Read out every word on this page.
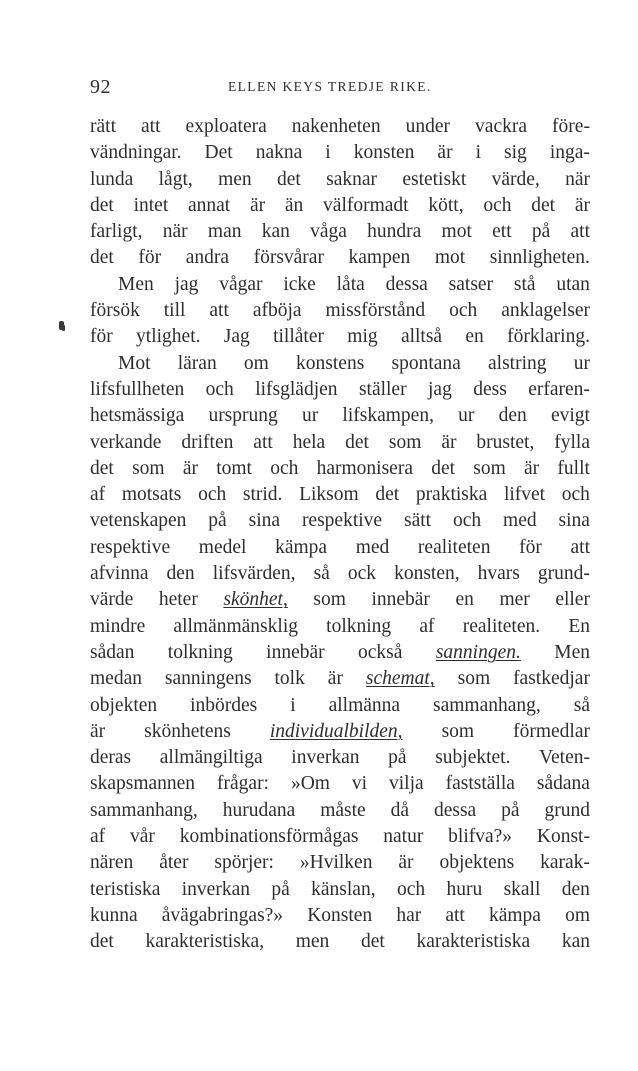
92	ELLEN KEYS TREDJE RIKE.
rätt att exploatera nakenheten under vackra före-
vändningar. Det nakna i konsten är i sig inga-
lunda lågt, men det saknar estetiskt värde, när
det intet annat är än välformadt kött, och det är
farligt, när man kan våga hundra mot ett på att
det för andra försvårar kampen mot sinnligheten.
Men jag vågar icke låta dessa satser stå utan
försök till att afböja missförstånd och anklagelser
för ytlighet. Jag tillåter mig alltså en förklaring.
Mot läran om konstens spontana alstring ur
lifsfullheten och lifsglädjen ställer jag dess erfaren-
hetsmässiga ursprung ur lifskampen, ur den evigt
verkande driften att hela det som är brustet, fylla
det som är tomt och harmonisera det som är fullt
af motsats och strid. Liksom det praktiska lifvet och
vetenskapen på sina respektive sätt och med sina
respektive medel kämpa med realiteten för att
afvinna den lifsvärden, så ock konsten, hvars grund-
värde heter skönhet, som innebär en mer eller
mindre allmänmänsklig tolkning af realiteten. En
sådan tolkning innebär också sanningen. Men
medan sanningens tolk är schemat, som fastkedjar
objekten inbördes i allmänna sammanhang, så
är skönhetens individualbilden, som förmedlar
deras allmängiltiga inverkan på subjektet. Veten-
skapsmannen frågar: »Om vi vilja fastställa sådana
sammanhang, hurudana måste då dessa på grund
af vår kombinationsförmågas natur blifva?» Konst-
nären åter spörjer: »Hvilken är objektens karak-
teristiska inverkan på känslan, och huru skall den
kunna åvägabringas?» Konsten har att kämpa om
det karakteristiska, men det karakteristiska kan
